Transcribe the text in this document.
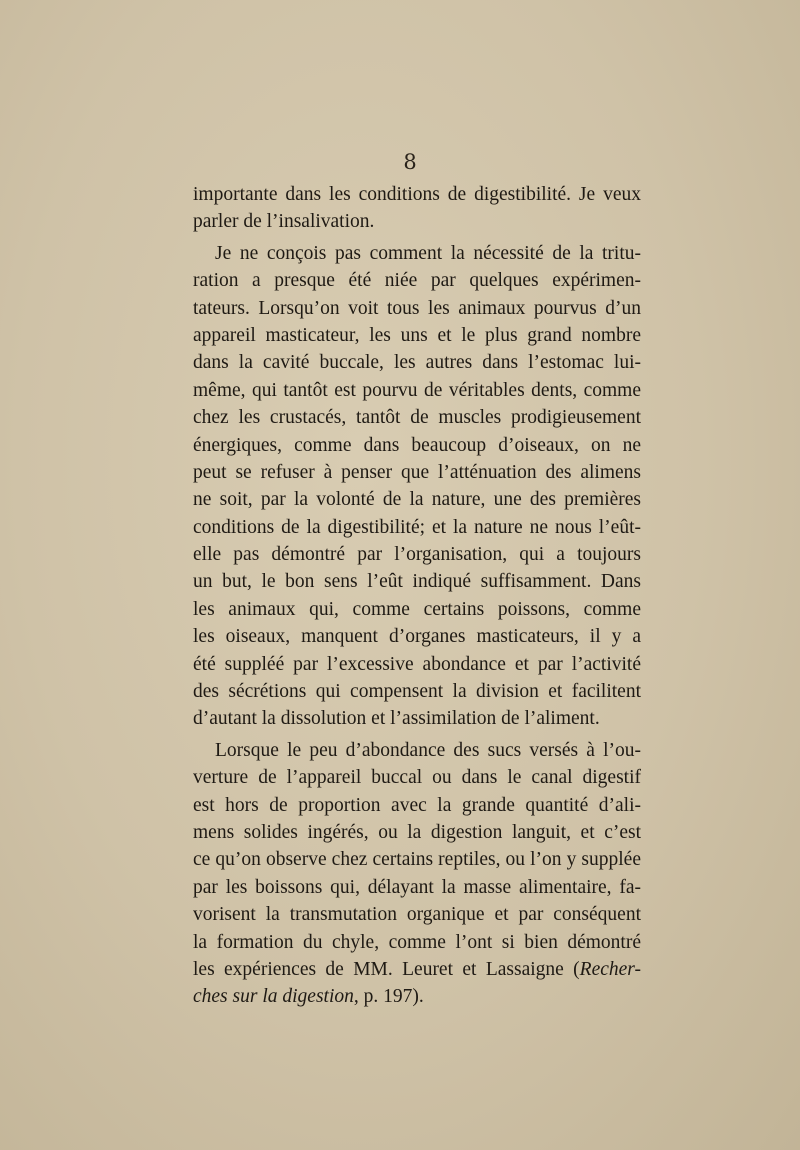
8
importante dans les conditions de digestibilité. Je veux
parler de l’insalivation.
Je ne conçois pas comment la nécessité de la tritu-
ration a presque été niée par quelques expérimen-
tateurs. Lorsqu’on voit tous les animaux pourvus d’un
appareil masticateur, les uns et le plus grand nombre
dans la cavité buccale, les autres dans l’estomac lui-
même, qui tantôt est pourvu de véritables dents, comme
chez les crustacés, tantôt de muscles prodigieusement
énergiques, comme dans beaucoup d’oiseaux, on ne
peut se refuser à penser que l’atténuation des alimens
ne soit, par la volonté de la nature, une des premières
conditions de la digestibilité; et la nature ne nous l’eût-
elle pas démontré par l’organisation, qui a toujours
un but, le bon sens l’eût indiqué suffisamment. Dans
les animaux qui, comme certains poissons, comme
les oiseaux, manquent d’organes masticateurs, il y a
été suppléé par l’excessive abondance et par l’activité
des sécrétions qui compensent la division et facilitent
d’autant la dissolution et l’assimilation de l’aliment.
Lorsque le peu d’abondance des sucs versés à l’ou-
verture de l’appareil buccal ou dans le canal digestif
est hors de proportion avec la grande quantité d’ali-
mens solides ingérés, ou la digestion languit, et c’est
ce qu’on observe chez certains reptiles, ou l’on y supplée
par les boissons qui, délayant la masse alimentaire, fa-
vorisent la transmutation organique et par conséquent
la formation du chyle, comme l’ont si bien démontré
les expériences de MM. Leuret et Lassaigne (Recher-
ches sur la digestion, p. 197).
